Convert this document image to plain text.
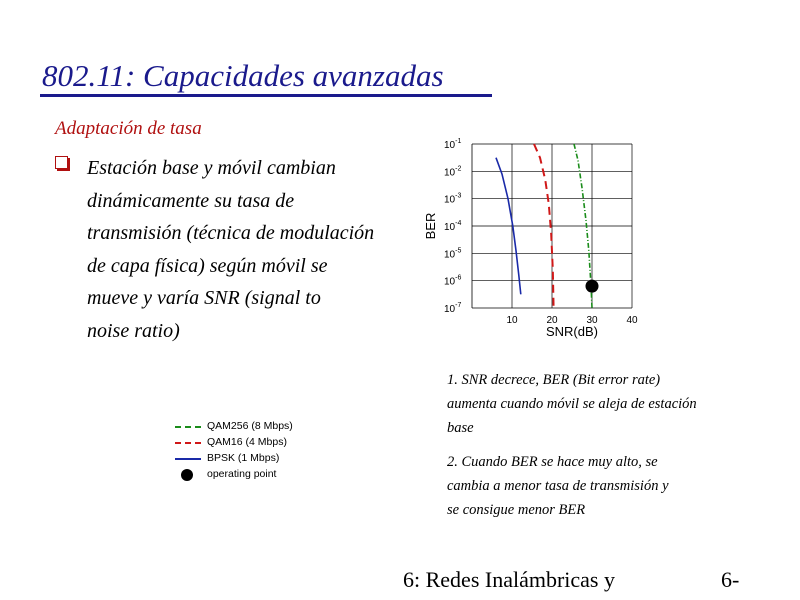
802.11: Capacidades avanzadas
Adaptación de tasa
Estación base y móvil cambian
dinámicamente su tasa de
transmisión (técnica de modulación
de capa física) según móvil se
mueve y varía SNR (signal to
noise ratio)
$10^{-1}$
$10^{-2}$
$10^{-3}$
$10^{-4}$
$10^{-5}$
$10^{-6}$
$10^{-7}$
10	20	30	40
SNR(dB)
BER
QAM256 (8 Mbps)
QAM16 (4 Mbps)
BPSK (1 Mbps)
operating point
1. SNR decrece, BER (Bit error rate)
aumenta cuando móvil se aleja de estación
base
2. Cuando BER se hace muy alto, se
cambia a menor tasa de transmisión y
se consigue menor BER
6: Redes Inalámbricas y	6-
